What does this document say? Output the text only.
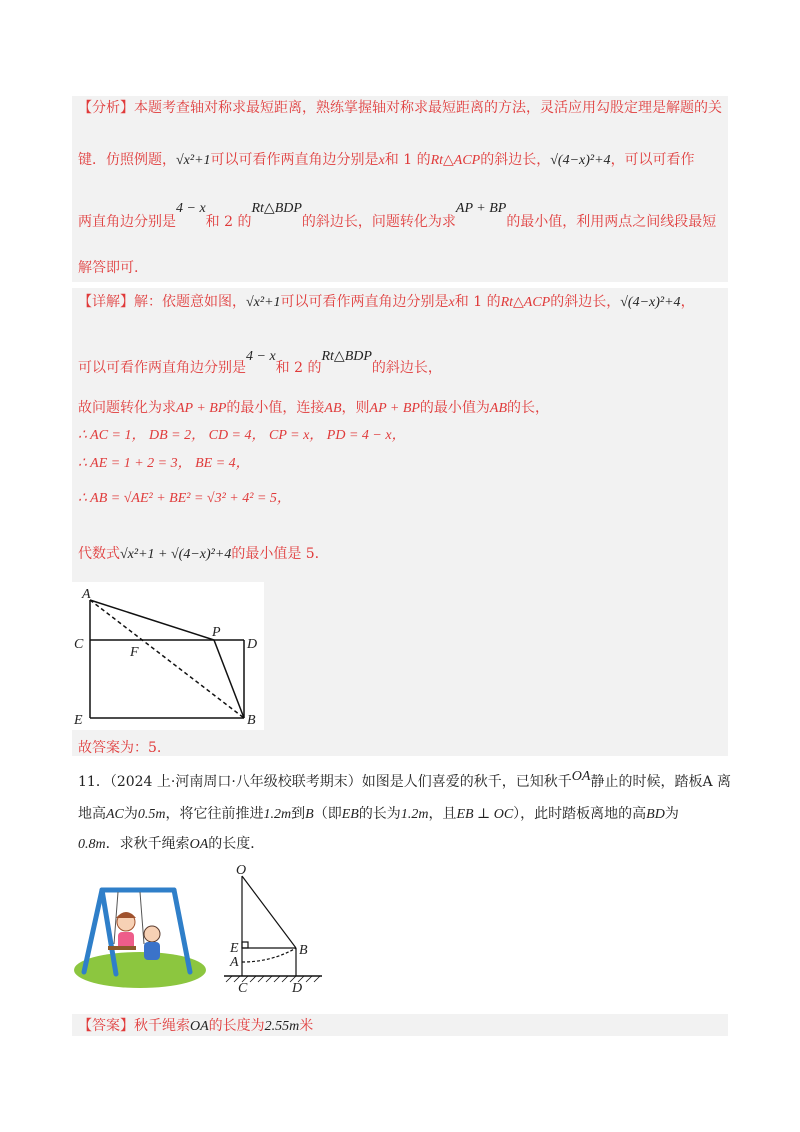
【分析】本题考查轴对称求最短距离，熟练掌握轴对称求最短距离的方法，灵活应用勾股定理是解题的关
键．仿照例题，√x²+1可以可看作两直角边分别是x和 1 的Rt△ACP的斜边长，√(4−x)²+4，可以可看作
两直角边分别是4 − x和 2 的Rt△BDP的斜边长，问题转化为求AP + BP的最小值，利用两点之间线段最短
解答即可.
【详解】解：依题意如图，√x²+1可以可看作两直角边分别是x和 1 的Rt△ACP的斜边长，√(4−x)²+4，
可以可看作两直角边分别是4 − x和 2 的Rt△BDP的斜边长，
故问题转化为求AP + BP的最小值，连接AB，则AP + BP的最小值为AB的长，
∴ AC = 1， DB = 2， CD = 4， CP = x， PD = 4 − x，
∴ AE = 1 + 2 = 3， BE = 4，
∴ AB = √AE² + BE² = √3² + 4² = 5，
代数式√x²+1 + √(4−x)²+4的最小值是 5.
A
C
P
D
F
E	B
故答案为：5.
11．（2024 上·河南周口·八年级校联考期末）如图是人们喜爱的秋千，已知秋千OA静止的时候，踏板A 离
地高AC为0.5m，将它往前推进1.2m到B（即EB的长为1.2m，且EB ⊥ OC），此时踏板离地的高BD为
0.8m．求秋千绳索OA的长度．
O
E	B
A
C	D
【答案】秋千绳索OA的长度为2.55m米
